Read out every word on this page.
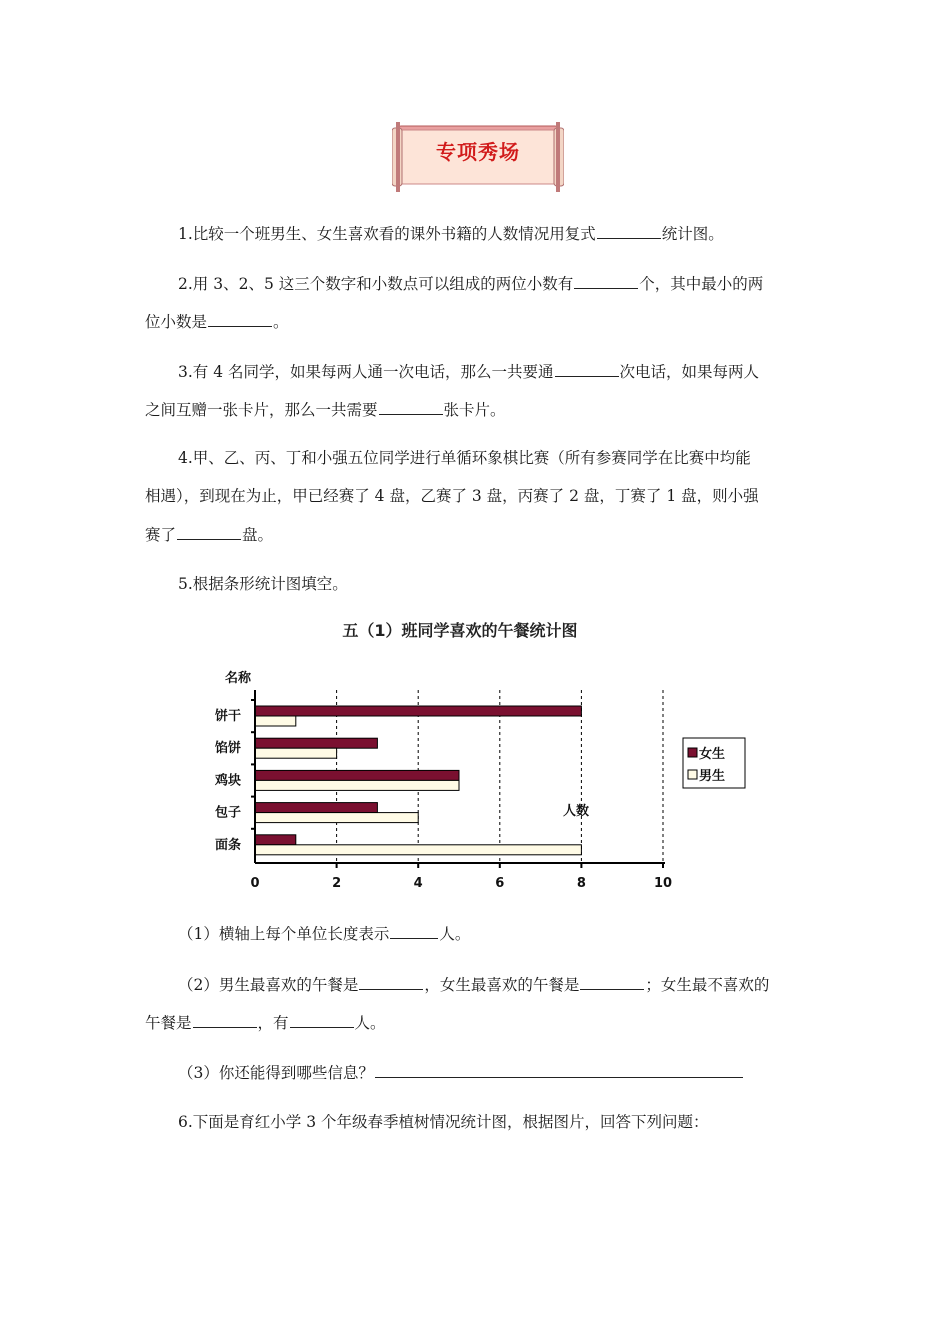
专项秀场
1.比较一个班男生、女生喜欢看的课外书籍的人数情况用复式	统计图。
2.用 3、2、5 这三个数字和小数点可以组成的两位小数有	个，其中最小的两
位小数是	。
3.有 4 名同学，如果每两人通一次电话，那么一共要通	次电话，如果每两人
之间互赠一张卡片，那么一共需要	张卡片。
4.甲、乙、丙、丁和小强五位同学进行单循环象棋比赛（所有参赛同学在比赛中均能
相遇），到现在为止，甲已经赛了 4 盘，乙赛了 3 盘，丙赛了 2 盘，丁赛了 1 盘，则小强
赛了	盘。
5.根据条形统计图填空。
五（1）班同学喜欢的午餐统计图
名称
0	2	4	6	8	10
饼干
馅饼
鸡块
包子
面条
人数
女生
男生
（1）横轴上每个单位长度表示	人。
（2）男生最喜欢的午餐是	，女生最喜欢的午餐是	；女生最不喜欢的
午餐是	，有	人。
（3）你还能得到哪些信息？
6.下面是育红小学 3 个年级春季植树情况统计图，根据图片，回答下列问题：
